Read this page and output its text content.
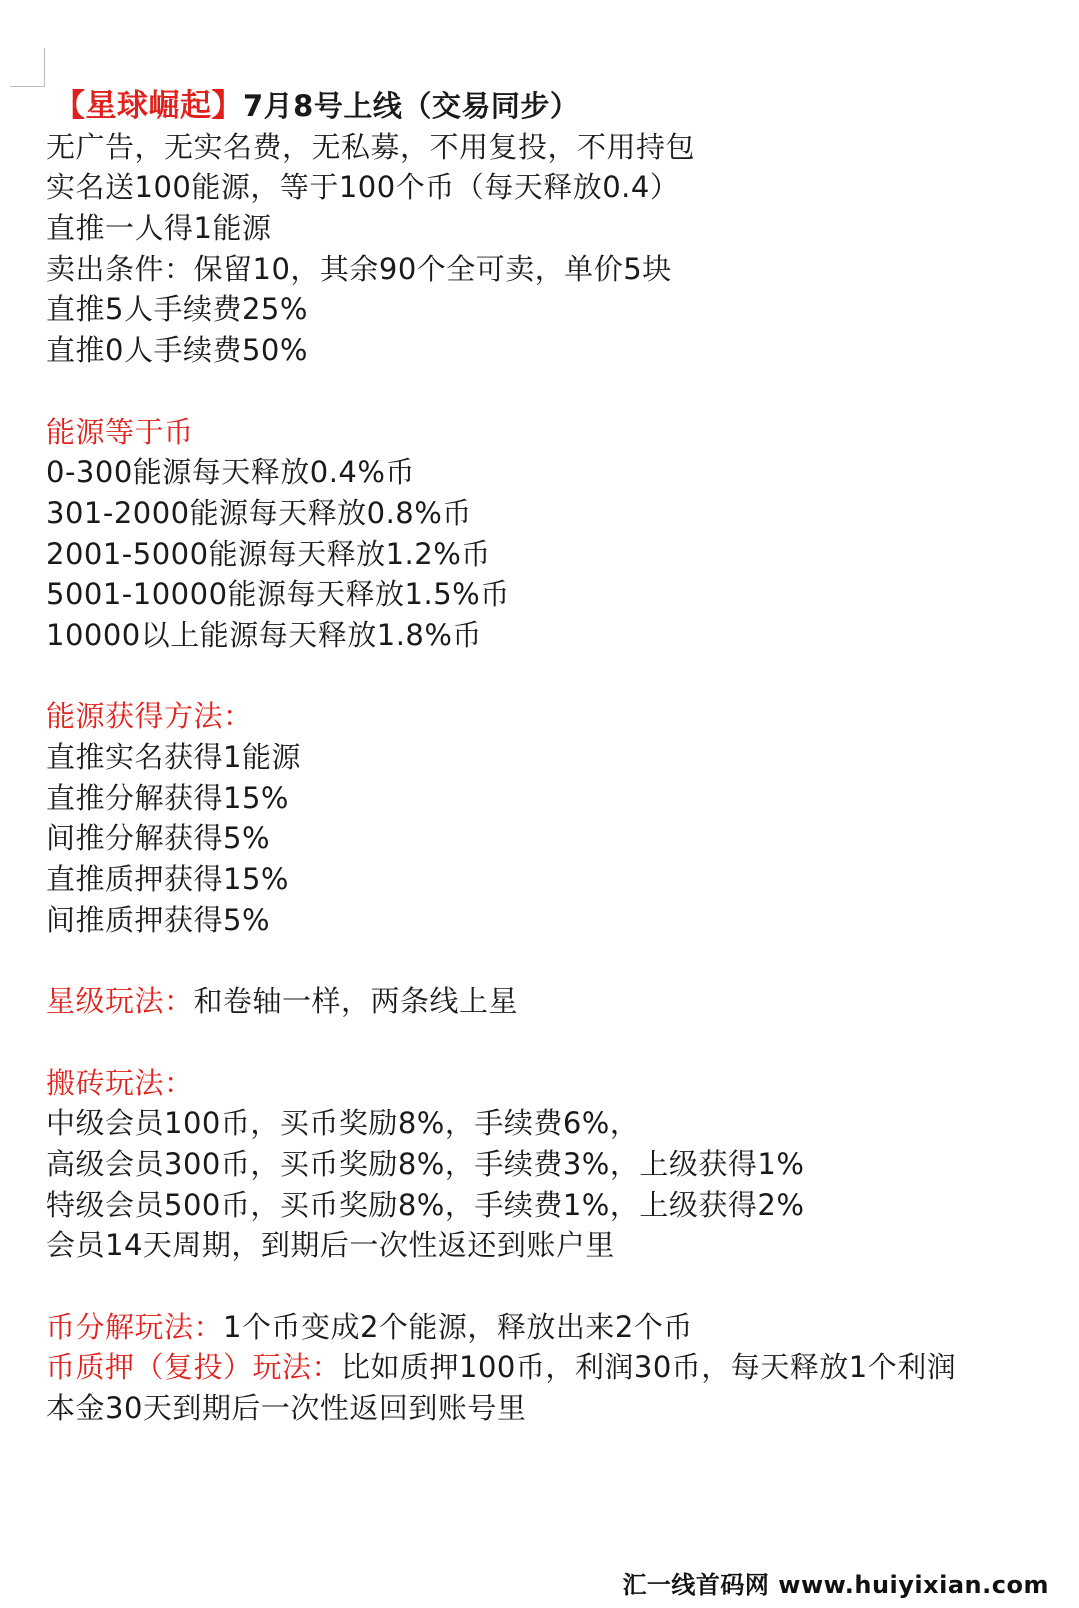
【星球崛起】7月8号上线（交易同步）
无广告，无实名费，无私募，不用复投，不用持包
实名送100能源，等于100个币（每天释放0.4）
直推一人得1能源
卖出条件：保留10，其余90个全可卖，单价5块
直推5人手续费25%
直推0人手续费50%
能源等于币
0-300能源每天释放0.4%币
301-2000能源每天释放0.8%币
2001-5000能源每天释放1.2%币
5001-10000能源每天释放1.5%币
10000以上能源每天释放1.8%币
能源获得方法：
直推实名获得1能源
直推分解获得15%
间推分解获得5%
直推质押获得15%
间推质押获得5%
星级玩法：和卷轴一样，两条线上星
搬砖玩法：
中级会员100币，买币奖励8%，手续费6%，
高级会员300币，买币奖励8%，手续费3%，上级获得1%
特级会员500币，买币奖励8%，手续费1%，上级获得2%
会员14天周期，到期后一次性返还到账户里
币分解玩法：1个币变成2个能源，释放出来2个币
币质押（复投）玩法：比如质押100币，利润30币，每天释放1个利润
本金30天到期后一次性返回到账号里
汇一线首码网 www.huiyixian.com
